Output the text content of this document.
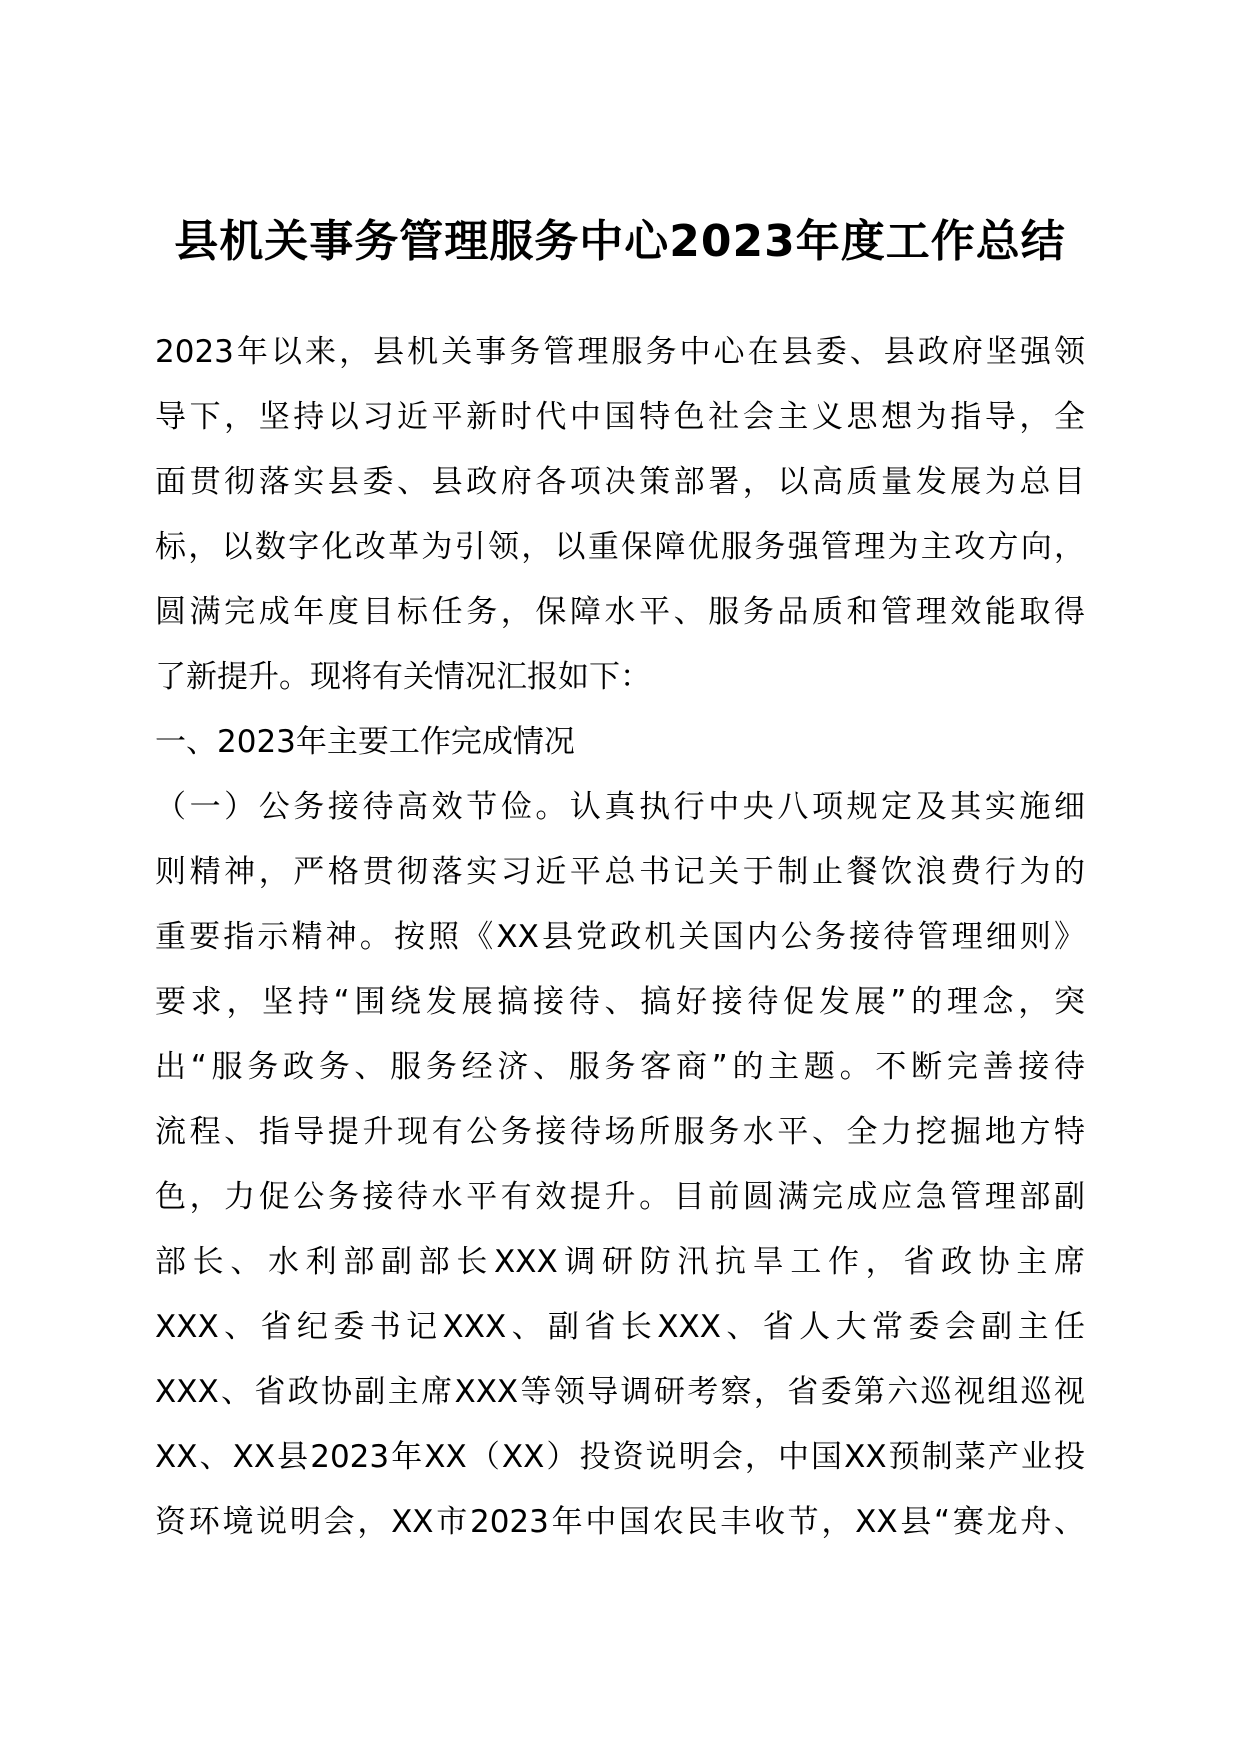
县机关事务管理服务中心2023年度工作总结
2023年以来，县机关事务管理服务中心在县委、县政府坚强领
导下，坚持以习近平新时代中国特色社会主义思想为指导，全
面贯彻落实县委、县政府各项决策部署，以高质量发展为总目
标，以数字化改革为引领，以重保障优服务强管理为主攻方向，
圆满完成年度目标任务，保障水平、服务品质和管理效能取得
了新提升。现将有关情况汇报如下：
一、2023年主要工作完成情况
（一）公务接待高效节俭。认真执行中央八项规定及其实施细
则精神，严格贯彻落实习近平总书记关于制止餐饮浪费行为的
重要指示精神。按照《XX县党政机关国内公务接待管理细则》
要求，坚持“围绕发展搞接待、搞好接待促发展”的理念，突
出“服务政务、服务经济、服务客商”的主题。不断完善接待
流程、指导提升现有公务接待场所服务水平、全力挖掘地方特
色，力促公务接待水平有效提升。目前圆满完成应急管理部副
部长、水利部副部长XXX调研防汛抗旱工作，省政协主席
XXX、省纪委书记XXX、副省长XXX、省人大常委会副主任
XXX、省政协副主席XXX等领导调研考察，省委第六巡视组巡视
XX、XX县2023年XX（XX）投资说明会，中国XX预制菜产业投
资环境说明会，XX市2023年中国农民丰收节，XX县“赛龙舟、
